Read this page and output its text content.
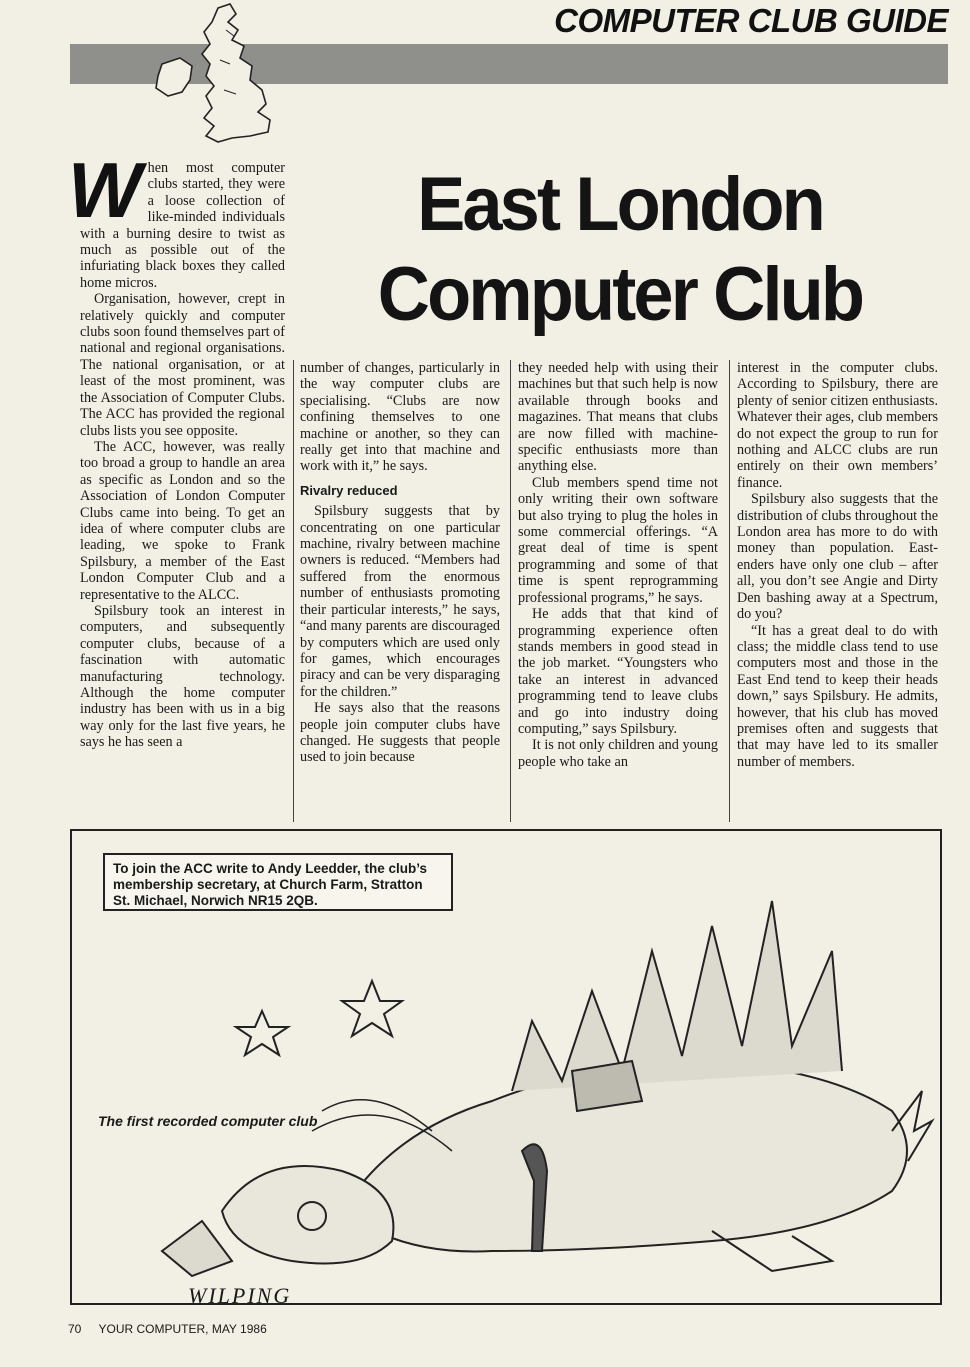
COMPUTER CLUB GUIDE
East London
Computer Club
W hen most computer clubs started, they were a loose collection of like-minded individuals with a burning desire to twist as much as possible out of the infuriating black boxes they called home micros.

Organisation, however, crept in relatively quickly and computer clubs soon found themselves part of national and regional organisations. The national organisation, or at least of the most prominent, was the Association of Computer Clubs. The ACC has provided the regional clubs lists you see opposite.

The ACC, however, was really too broad a group to handle an area as specific as London and so the Association of London Computer Clubs came into being. To get an idea of where computer clubs are leading, we spoke to Frank Spilsbury, a member of the East London Computer Club and a representative to the ALCC.

Spilsbury took an interest in computers, and subsequently computer clubs, because of a fascination with automatic manufacturing technology. Although the home computer industry has been with us in a big way only for the last five years, he says he has seen a

number of changes, particularly in the way computer clubs are specialising. “Clubs are now confining themselves to one machine or another, so they can really get into that machine and work with it,” he says.

Rivalry reduced

Spilsbury suggests that by concentrating on one particular machine, rivalry between machine owners is reduced. “Members had suffered from the enormous number of enthusiasts promoting their particular interests,” he says, “and many parents are discouraged by computers which are used only for games, which encourages piracy and can be very disparaging for the children.”

He says also that the reasons people join computer clubs have changed. He suggests that people used to join because

they needed help with using their machines but that such help is now available through books and magazines. That means that clubs are now filled with machine-specific enthusiasts more than anything else.

Club members spend time not only writing their own software but also trying to plug the holes in some commercial offerings. “A great deal of time is spent programming and some of that time is spent reprogramming professional programs,” he says.

He adds that that kind of programming experience often stands members in good stead in the job market. “Youngsters who take an interest in advanced programming tend to leave clubs and go into industry doing computing,” says Spilsbury.

It is not only children and young people who take an

interest in the computer clubs. According to Spilsbury, there are plenty of senior citizen enthusiasts. Whatever their ages, club members do not expect the group to run for nothing and ALCC clubs are run entirely on their own members’ finance.

Spilsbury also suggests that the distribution of clubs throughout the London area has more to do with money than population. East-enders have only one club – after all, you don’t see Angie and Dirty Den bashing away at a Spectrum, do you?

“It has a great deal to do with class; the middle class tend to use computers most and those in the East End tend to keep their heads down,” says Spilsbury. He admits, however, that his club has moved premises often and suggests that that may have led to its smaller number of members.

To join the ACC write to Andy Leedder, the club’s membership secretary, at Church Farm, Stratton St. Michael, Norwich NR15 2QB.
The first recorded computer club
WILPING
70 YOUR COMPUTER, MAY 1986
